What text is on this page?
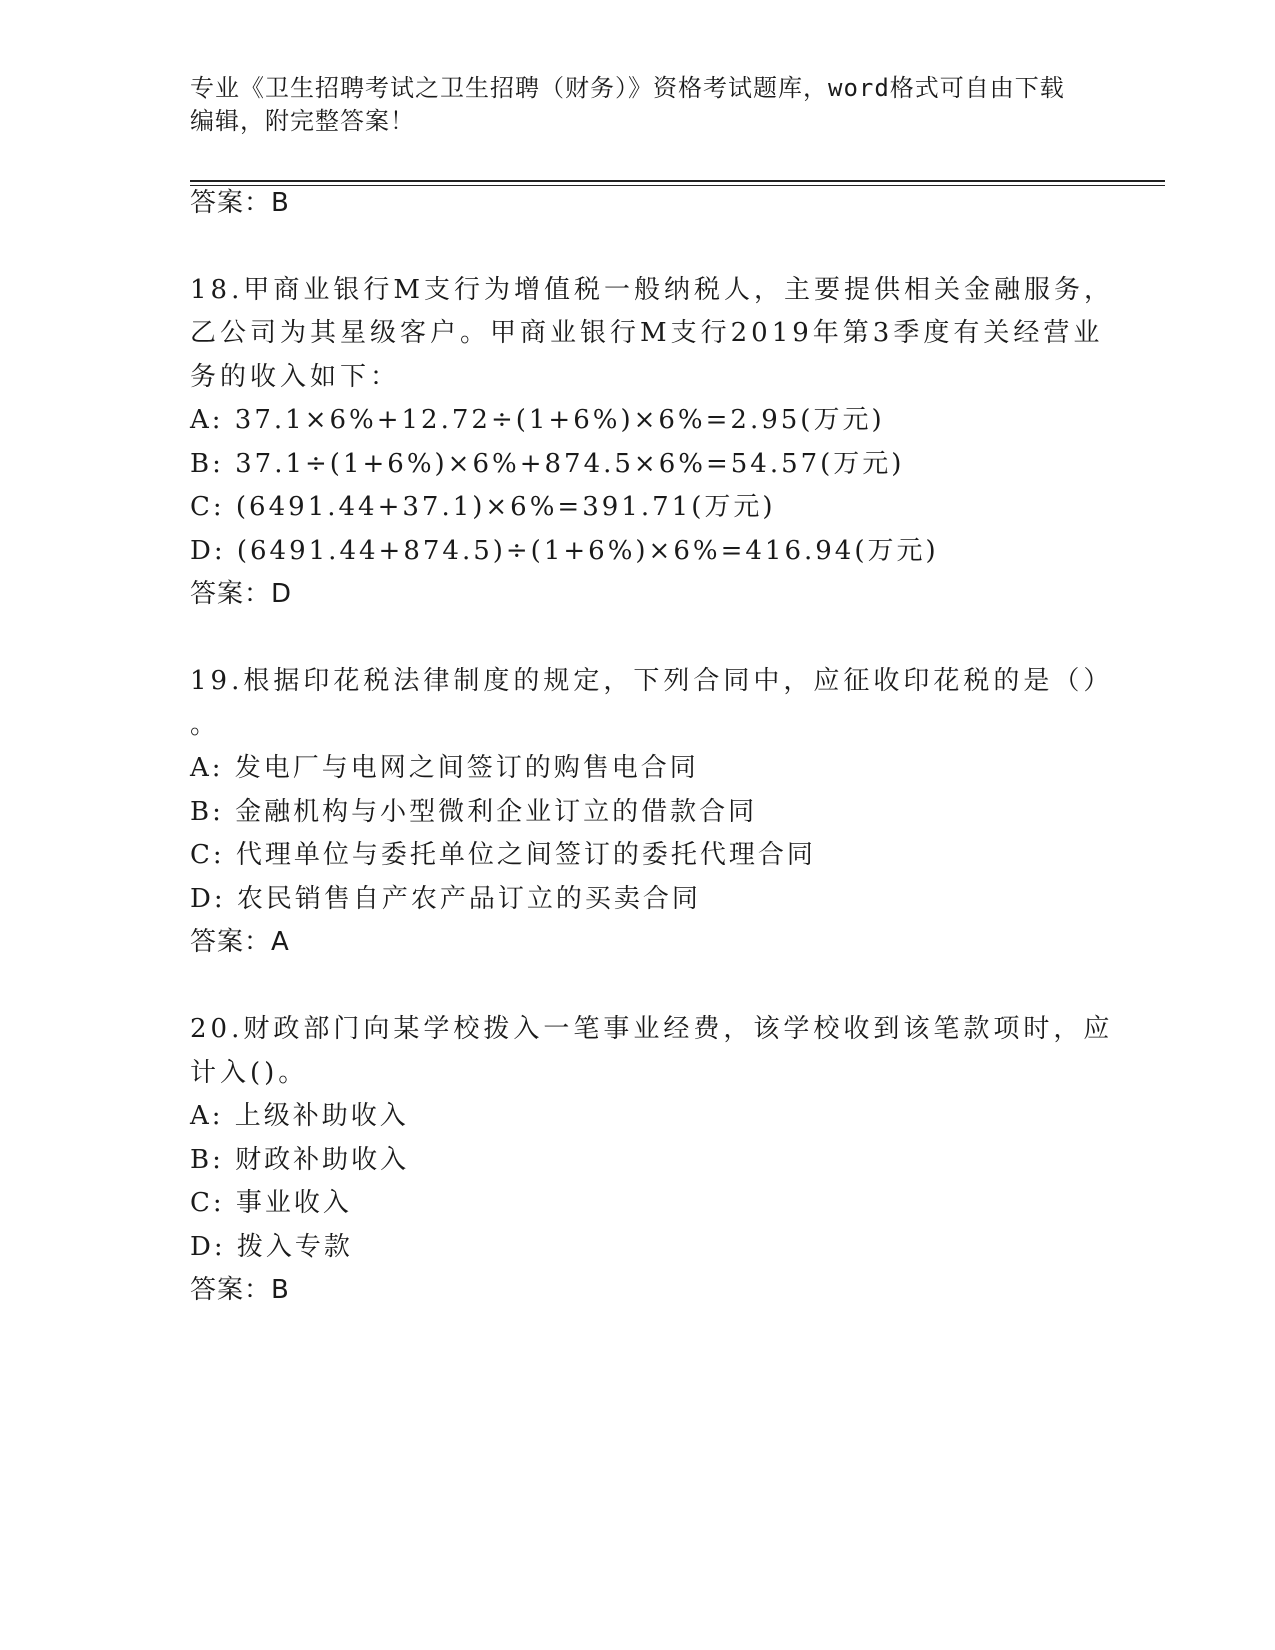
专业《卫生招聘考试之卫生招聘（财务）》资格考试题库，word格式可自由下载
编辑，附完整答案！
答案：B
18.甲商业银行M支行为增值税一般纳税人，主要提供相关金融服务，
乙公司为其星级客户。甲商业银行M支行2019年第3季度有关经营业
务的收入如下：
A: 37.1×6%+12.72÷(1+6%)×6%=2.95(万元)
B: 37.1÷(1+6%)×6%+874.5×6%=54.57(万元)
C: (6491.44+37.1)×6%=391.71(万元)
D: (6491.44+874.5)÷(1+6%)×6%=416.94(万元)
答案：D
19.根据印花税法律制度的规定，下列合同中，应征收印花税的是（）
。
A: 发电厂与电网之间签订的购售电合同
B: 金融机构与小型微利企业订立的借款合同
C: 代理单位与委托单位之间签订的委托代理合同
D: 农民销售自产农产品订立的买卖合同
答案：A
20.财政部门向某学校拨入一笔事业经费，该学校收到该笔款项时，应
计入()。
A: 上级补助收入
B: 财政补助收入
C: 事业收入
D: 拨入专款
答案：B
